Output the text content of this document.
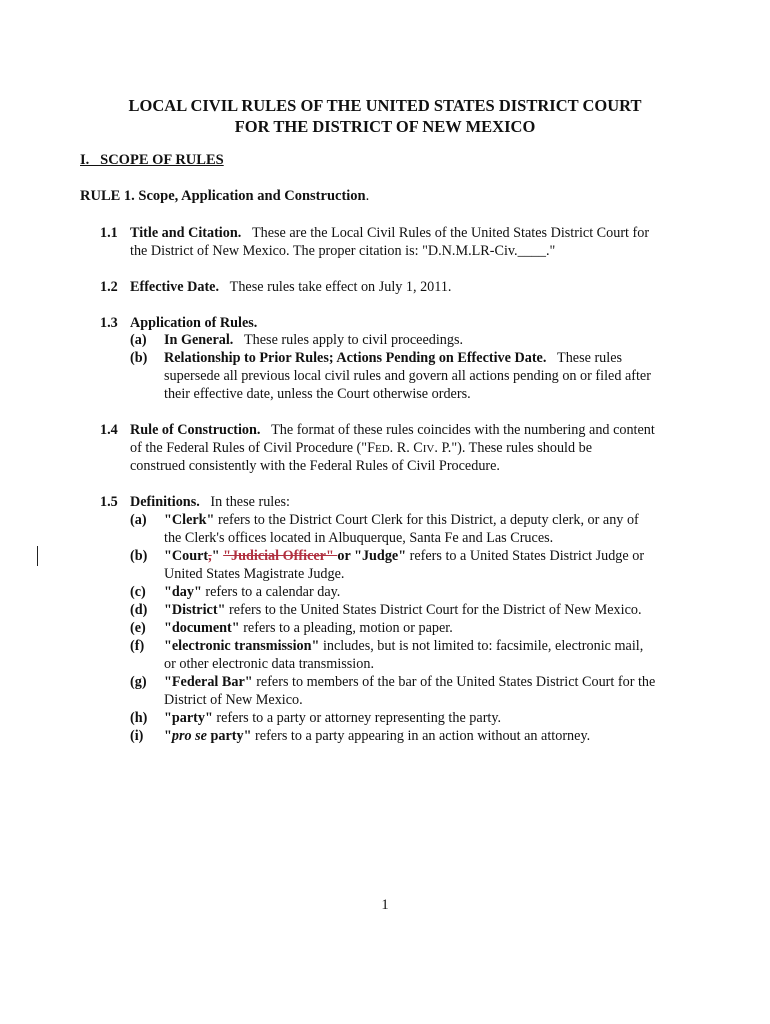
LOCAL CIVIL RULES OF THE UNITED STATES DISTRICT COURT
FOR THE DISTRICT OF NEW MEXICO
I.   SCOPE OF RULES
RULE 1. Scope, Application and Construction.
1.1 Title and Citation. These are the Local Civil Rules of the United States District Court for
the District of New Mexico. The proper citation is: "D.N.M.LR-Civ.____."
1.2 Effective Date. These rules take effect on July 1, 2011.
1.3 Application of Rules.
(a) In General. These rules apply to civil proceedings.
(b) Relationship to Prior Rules; Actions Pending on Effective Date. These rules
supersede all previous local civil rules and govern all actions pending on or filed after
their effective date, unless the Court otherwise orders.
1.4 Rule of Construction. The format of these rules coincides with the numbering and content
of the Federal Rules of Civil Procedure ("FED. R. CIV. P."). These rules should be
construed consistently with the Federal Rules of Civil Procedure.
1.5 Definitions. In these rules:
(a) "Clerk" refers to the District Court Clerk for this District, a deputy clerk, or any of
the Clerk's offices located in Albuquerque, Santa Fe and Las Cruces.
(b) "Court," "Judicial Officer" or "Judge" refers to a United States District Judge or
United States Magistrate Judge.
(c) "day" refers to a calendar day.
(d) "District" refers to the United States District Court for the District of New Mexico.
(e) "document" refers to a pleading, motion or paper.
(f) "electronic transmission" includes, but is not limited to: facsimile, electronic mail,
or other electronic data transmission.
(g) "Federal Bar" refers to members of the bar of the United States District Court for the
District of New Mexico.
(h) "party" refers to a party or attorney representing the party.
(i) "pro se party" refers to a party appearing in an action without an attorney.
1
